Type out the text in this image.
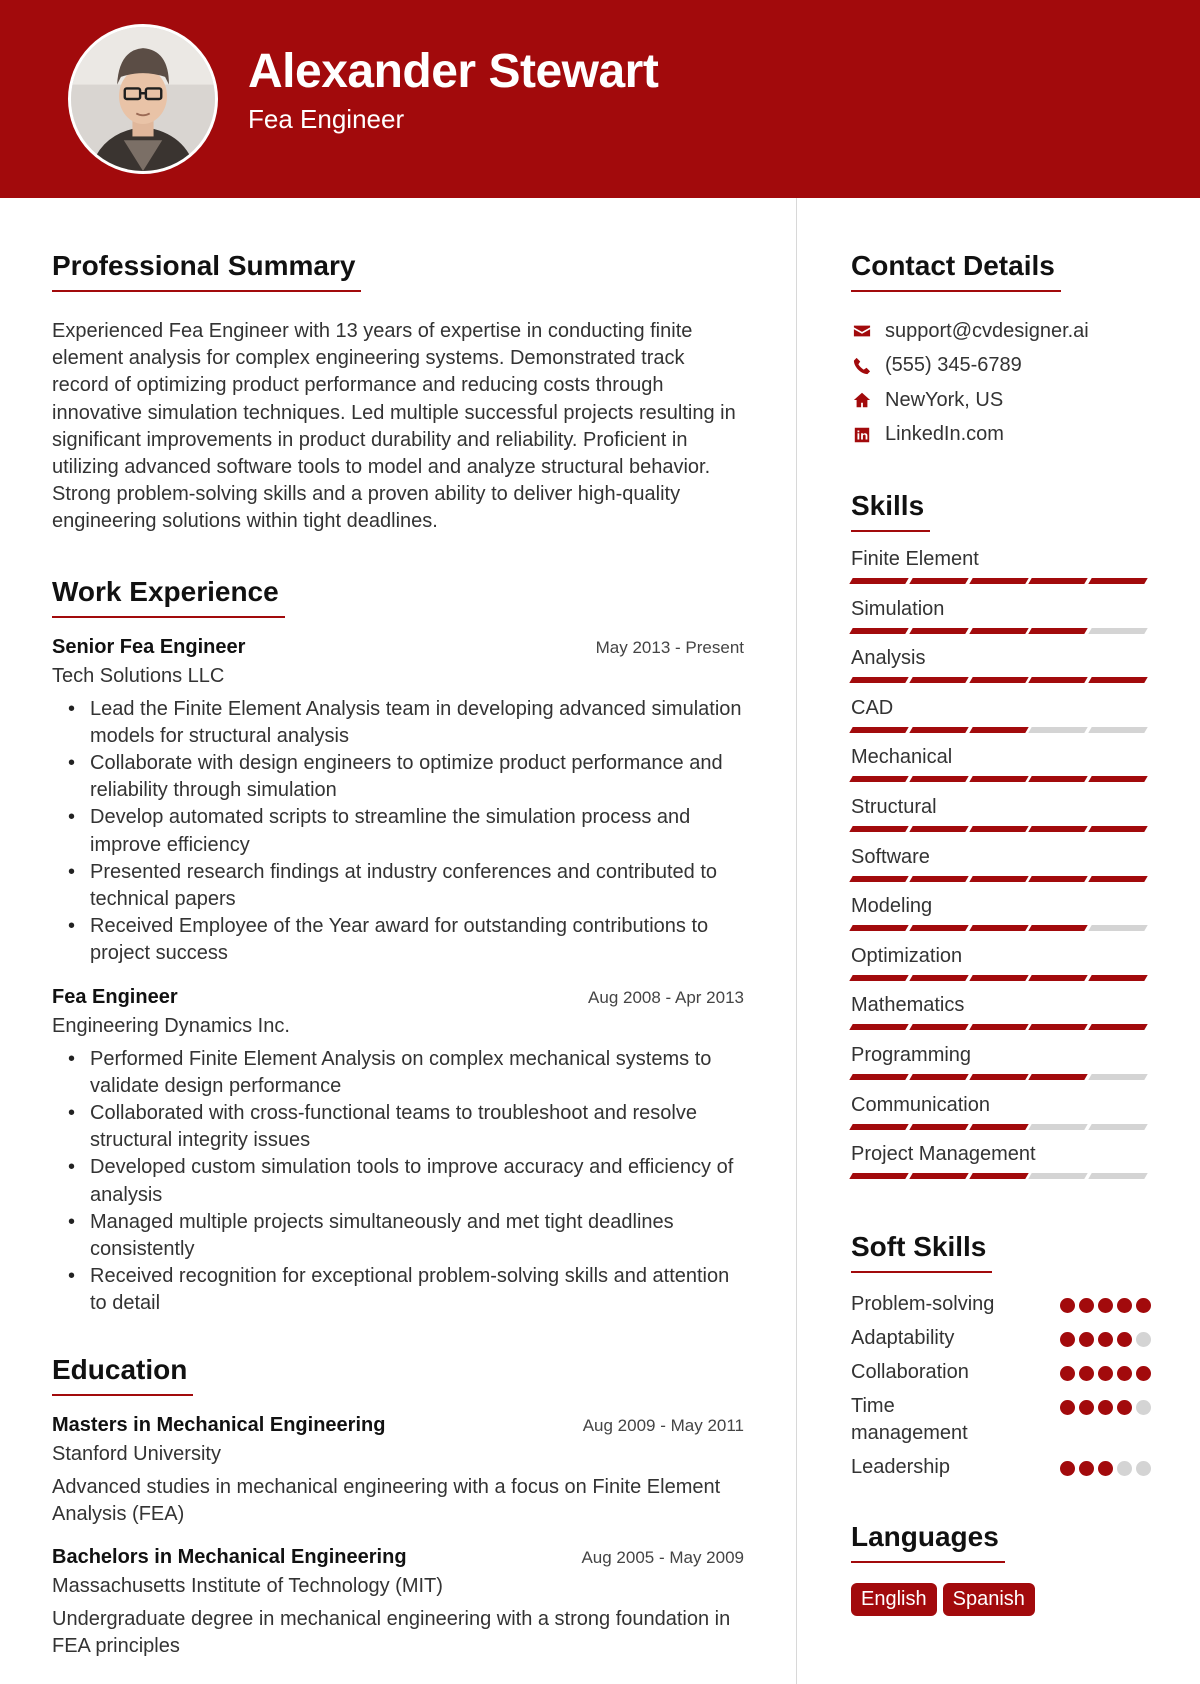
Alexander Stewart
Fea Engineer
Professional Summary

Experienced Fea Engineer with 13 years of expertise in conducting finite element analysis for complex engineering systems. Demonstrated track record of optimizing product performance and reducing costs through innovative simulation techniques. Led multiple successful projects resulting in significant improvements in product durability and reliability. Proficient in utilizing advanced software tools to model and analyze structural behavior. Strong problem-solving skills and a proven ability to deliver high-quality engineering solutions within tight deadlines.

Work Experience
Senior Fea Engineer	May 2013 - Present
Tech Solutions LLC
• Lead the Finite Element Analysis team in developing advanced simulation models for structural analysis
• Collaborate with design engineers to optimize product performance and reliability through simulation
• Develop automated scripts to streamline the simulation process and improve efficiency
• Presented research findings at industry conferences and contributed to technical papers
• Received Employee of the Year award for outstanding contributions to project success
Fea Engineer	Aug 2008 - Apr 2013
Engineering Dynamics Inc.
• Performed Finite Element Analysis on complex mechanical systems to validate design performance
• Collaborated with cross-functional teams to troubleshoot and resolve structural integrity issues
• Developed custom simulation tools to improve accuracy and efficiency of analysis
• Managed multiple projects simultaneously and met tight deadlines consistently
• Received recognition for exceptional problem-solving skills and attention to detail
Education
Masters in Mechanical Engineering	Aug 2009 - May 2011
Stanford University

Advanced studies in mechanical engineering with a focus on Finite Element Analysis (FEA)

Bachelors in Mechanical Engineering	Aug 2005 - May 2009
Massachusetts Institute of Technology (MIT)

Undergraduate degree in mechanical engineering with a strong foundation in FEA principles

Contact Details
support@cvdesigner.ai
(555) 345-6789
NewYork, US
LinkedIn.com
Skills
Finite Element
Simulation
Analysis
CAD
Mechanical
Structural
Software
Modeling
Optimization
Mathematics
Programming
Communication
Project Management
Soft Skills
Problem-solving
Adaptability
Collaboration
Time management
Leadership
Languages
English	Spanish
